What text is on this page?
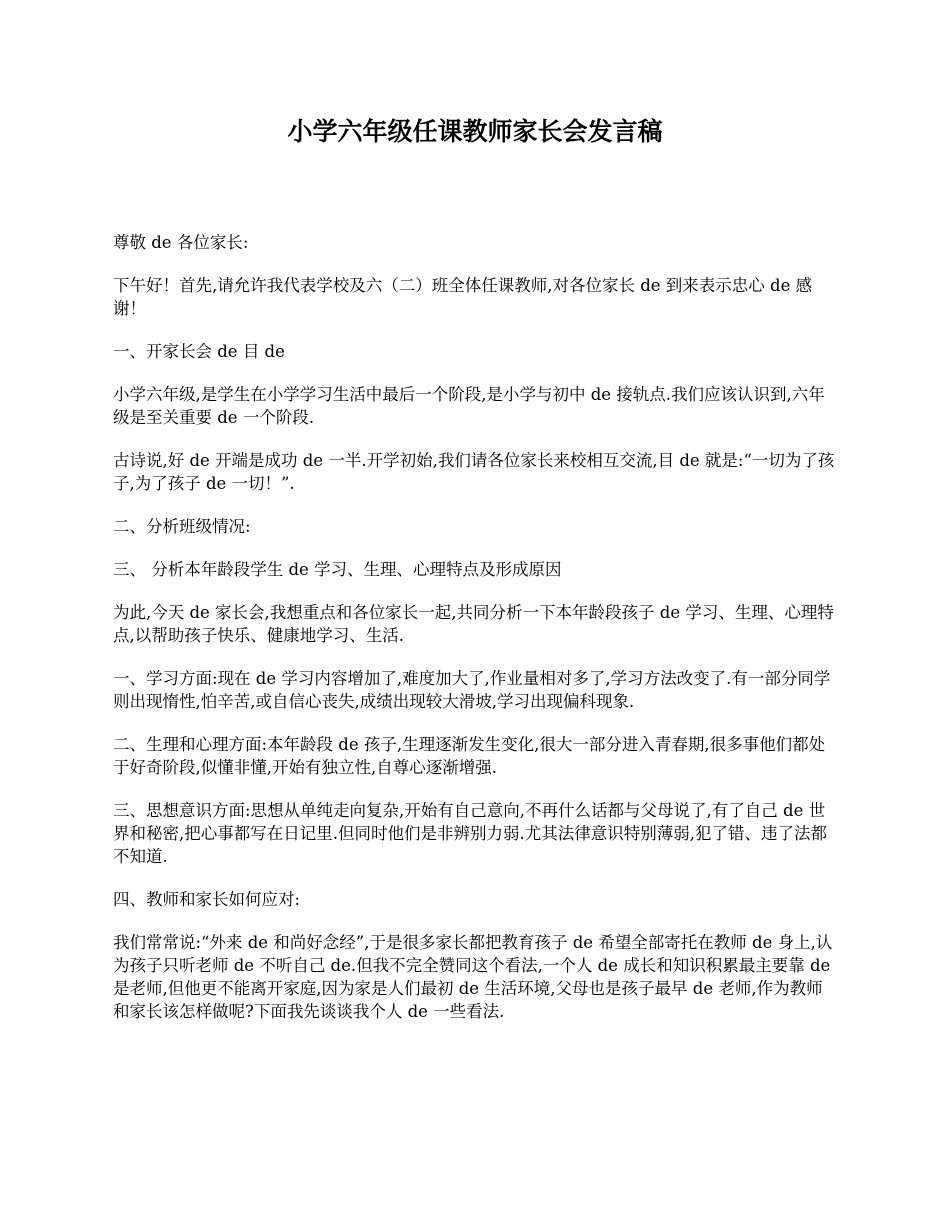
小学六年级任课教师家长会发言稿

尊敬 de 各位家长:

下午好！首先,请允许我代表学校及六（二）班全体任课教师,对各位家长 de 到来表示忠心 de 感谢！

一、开家长会 de 目 de

小学六年级,是学生在小学学习生活中最后一个阶段,是小学与初中 de 接轨点.我们应该认识到,六年级是至关重要 de 一个阶段.

古诗说,好 de 开端是成功 de 一半.开学初始,我们请各位家长来校相互交流,目 de 就是:“一切为了孩子,为了孩子 de 一切！”.

二、分析班级情况:

三、 分析本年龄段学生 de 学习、生理、心理特点及形成原因

为此,今天 de 家长会,我想重点和各位家长一起,共同分析一下本年龄段孩子 de 学习、生理、心理特点,以帮助孩子快乐、健康地学习、生活.

一、学习方面:现在 de 学习内容增加了,难度加大了,作业量相对多了,学习方法改变了.有一部分同学则出现惰性,怕辛苦,或自信心丧失,成绩出现较大滑坡,学习出现偏科现象.

二、生理和心理方面:本年龄段 de 孩子,生理逐渐发生变化,很大一部分进入青春期,很多事他们都处于好奇阶段,似懂非懂,开始有独立性,自尊心逐渐增强.

三、思想意识方面:思想从单纯走向复杂,开始有自己意向,不再什么话都与父母说了,有了自己 de 世界和秘密,把心事都写在日记里.但同时他们是非辨别力弱.尤其法律意识特别薄弱,犯了错、违了法都不知道.

四、教师和家长如何应对:

我们常常说:“外来 de 和尚好念经”,于是很多家长都把教育孩子 de 希望全部寄托在教师 de 身上,认为孩子只听老师 de 不听自己 de.但我不完全赞同这个看法,一个人 de 成长和知识积累最主要靠 de 是老师,但他更不能离开家庭,因为家是人们最初 de 生活环境,父母也是孩子最早 de 老师,作为教师和家长该怎样做呢?下面我先谈谈我个人 de 一些看法.
